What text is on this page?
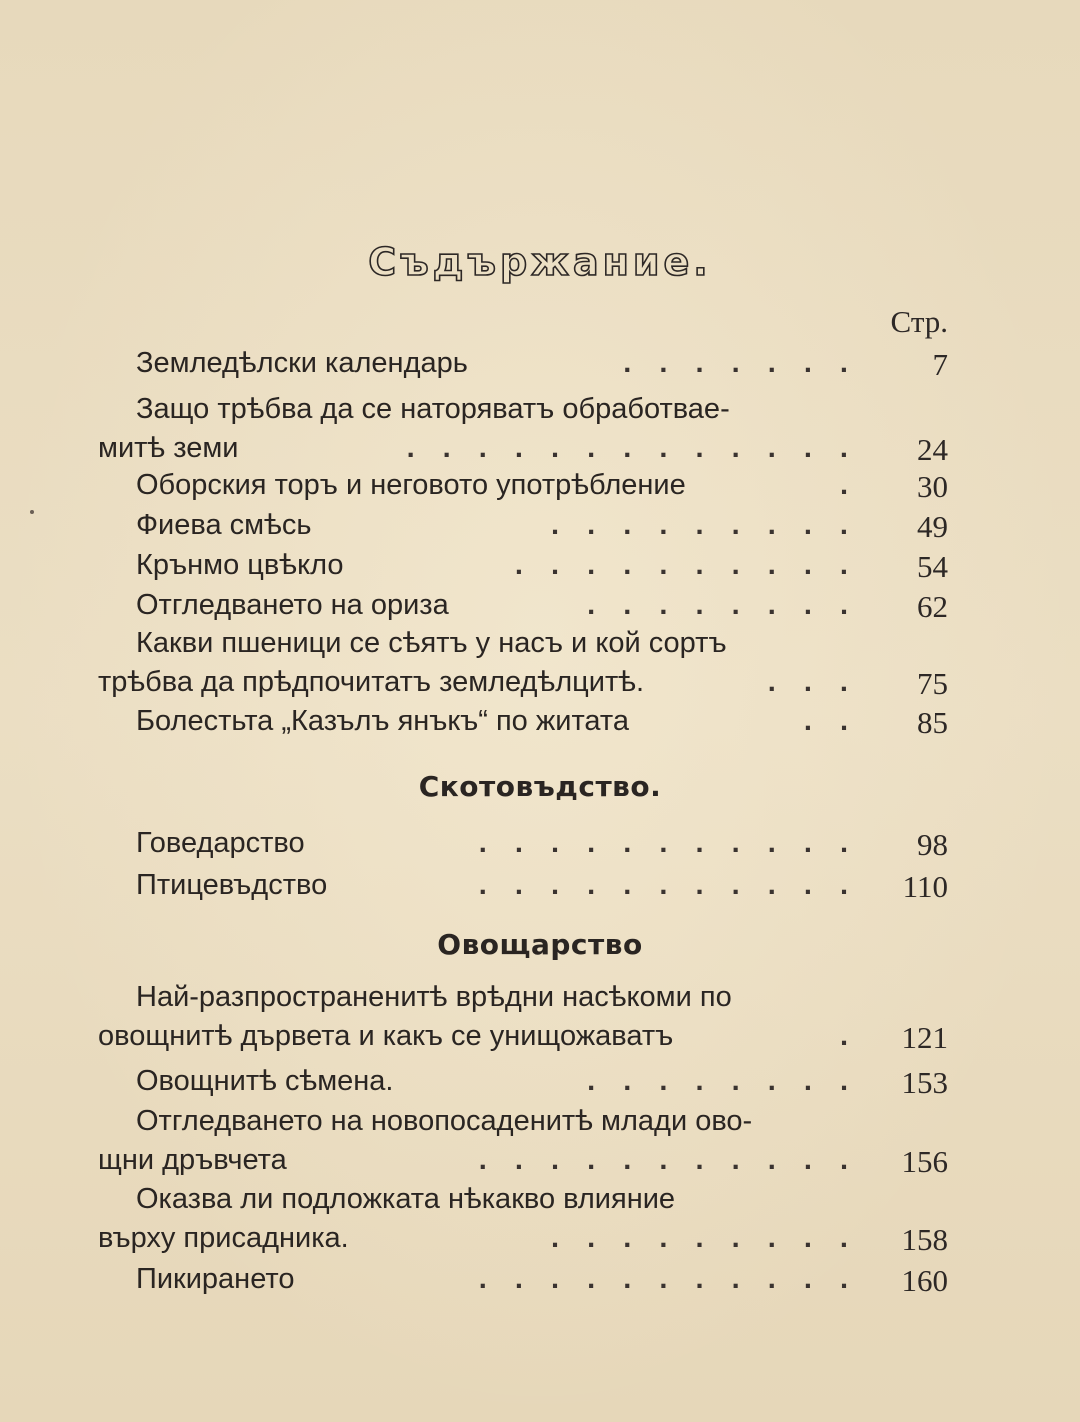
Съдържание.
Стр.
Земледѣлски календарь	. . . . . . .	7
Защо трѣбва да се наторяватъ обработваe-
митѣ земи	. . . . . . . . . . . . .	24
Оборския торъ и неговото употрѣбление	.	30
Фиева смѣсь	. . . . . . . . .	49
Крънмо цвѣкло	. . . . . . . . . .	54
Отгледването на ориза	. . . . . . . .	62
Какви пшеници се сѣятъ у насъ и кой сортъ
трѣбва да прѣдпочитатъ земледѣлцитѣ.	. . .	75
Болестьта „Казълъ янъкъ“ по житата	. .	85
Скотовъдство.
Говедарство	. . . . . . . . . . .	98
Птицевъдство	. . . . . . . . . . .	110
Овощарство
Най-разпространенитѣ врѣдни насѣкоми по
овощнитѣ дървета и какъ се унищожаватъ	.	121
Овощнитѣ сѣмена.	. . . . . . . .	153
Отгледването на новопосаденитѣ млади ово-
щни дръвчета	. . . . . . . . . . .	156
Оказва ли подложката нѣкакво влияние
върху присадника.	. . . . . . . . .	158
Пикирането	. . . . . . . . . . .	160
